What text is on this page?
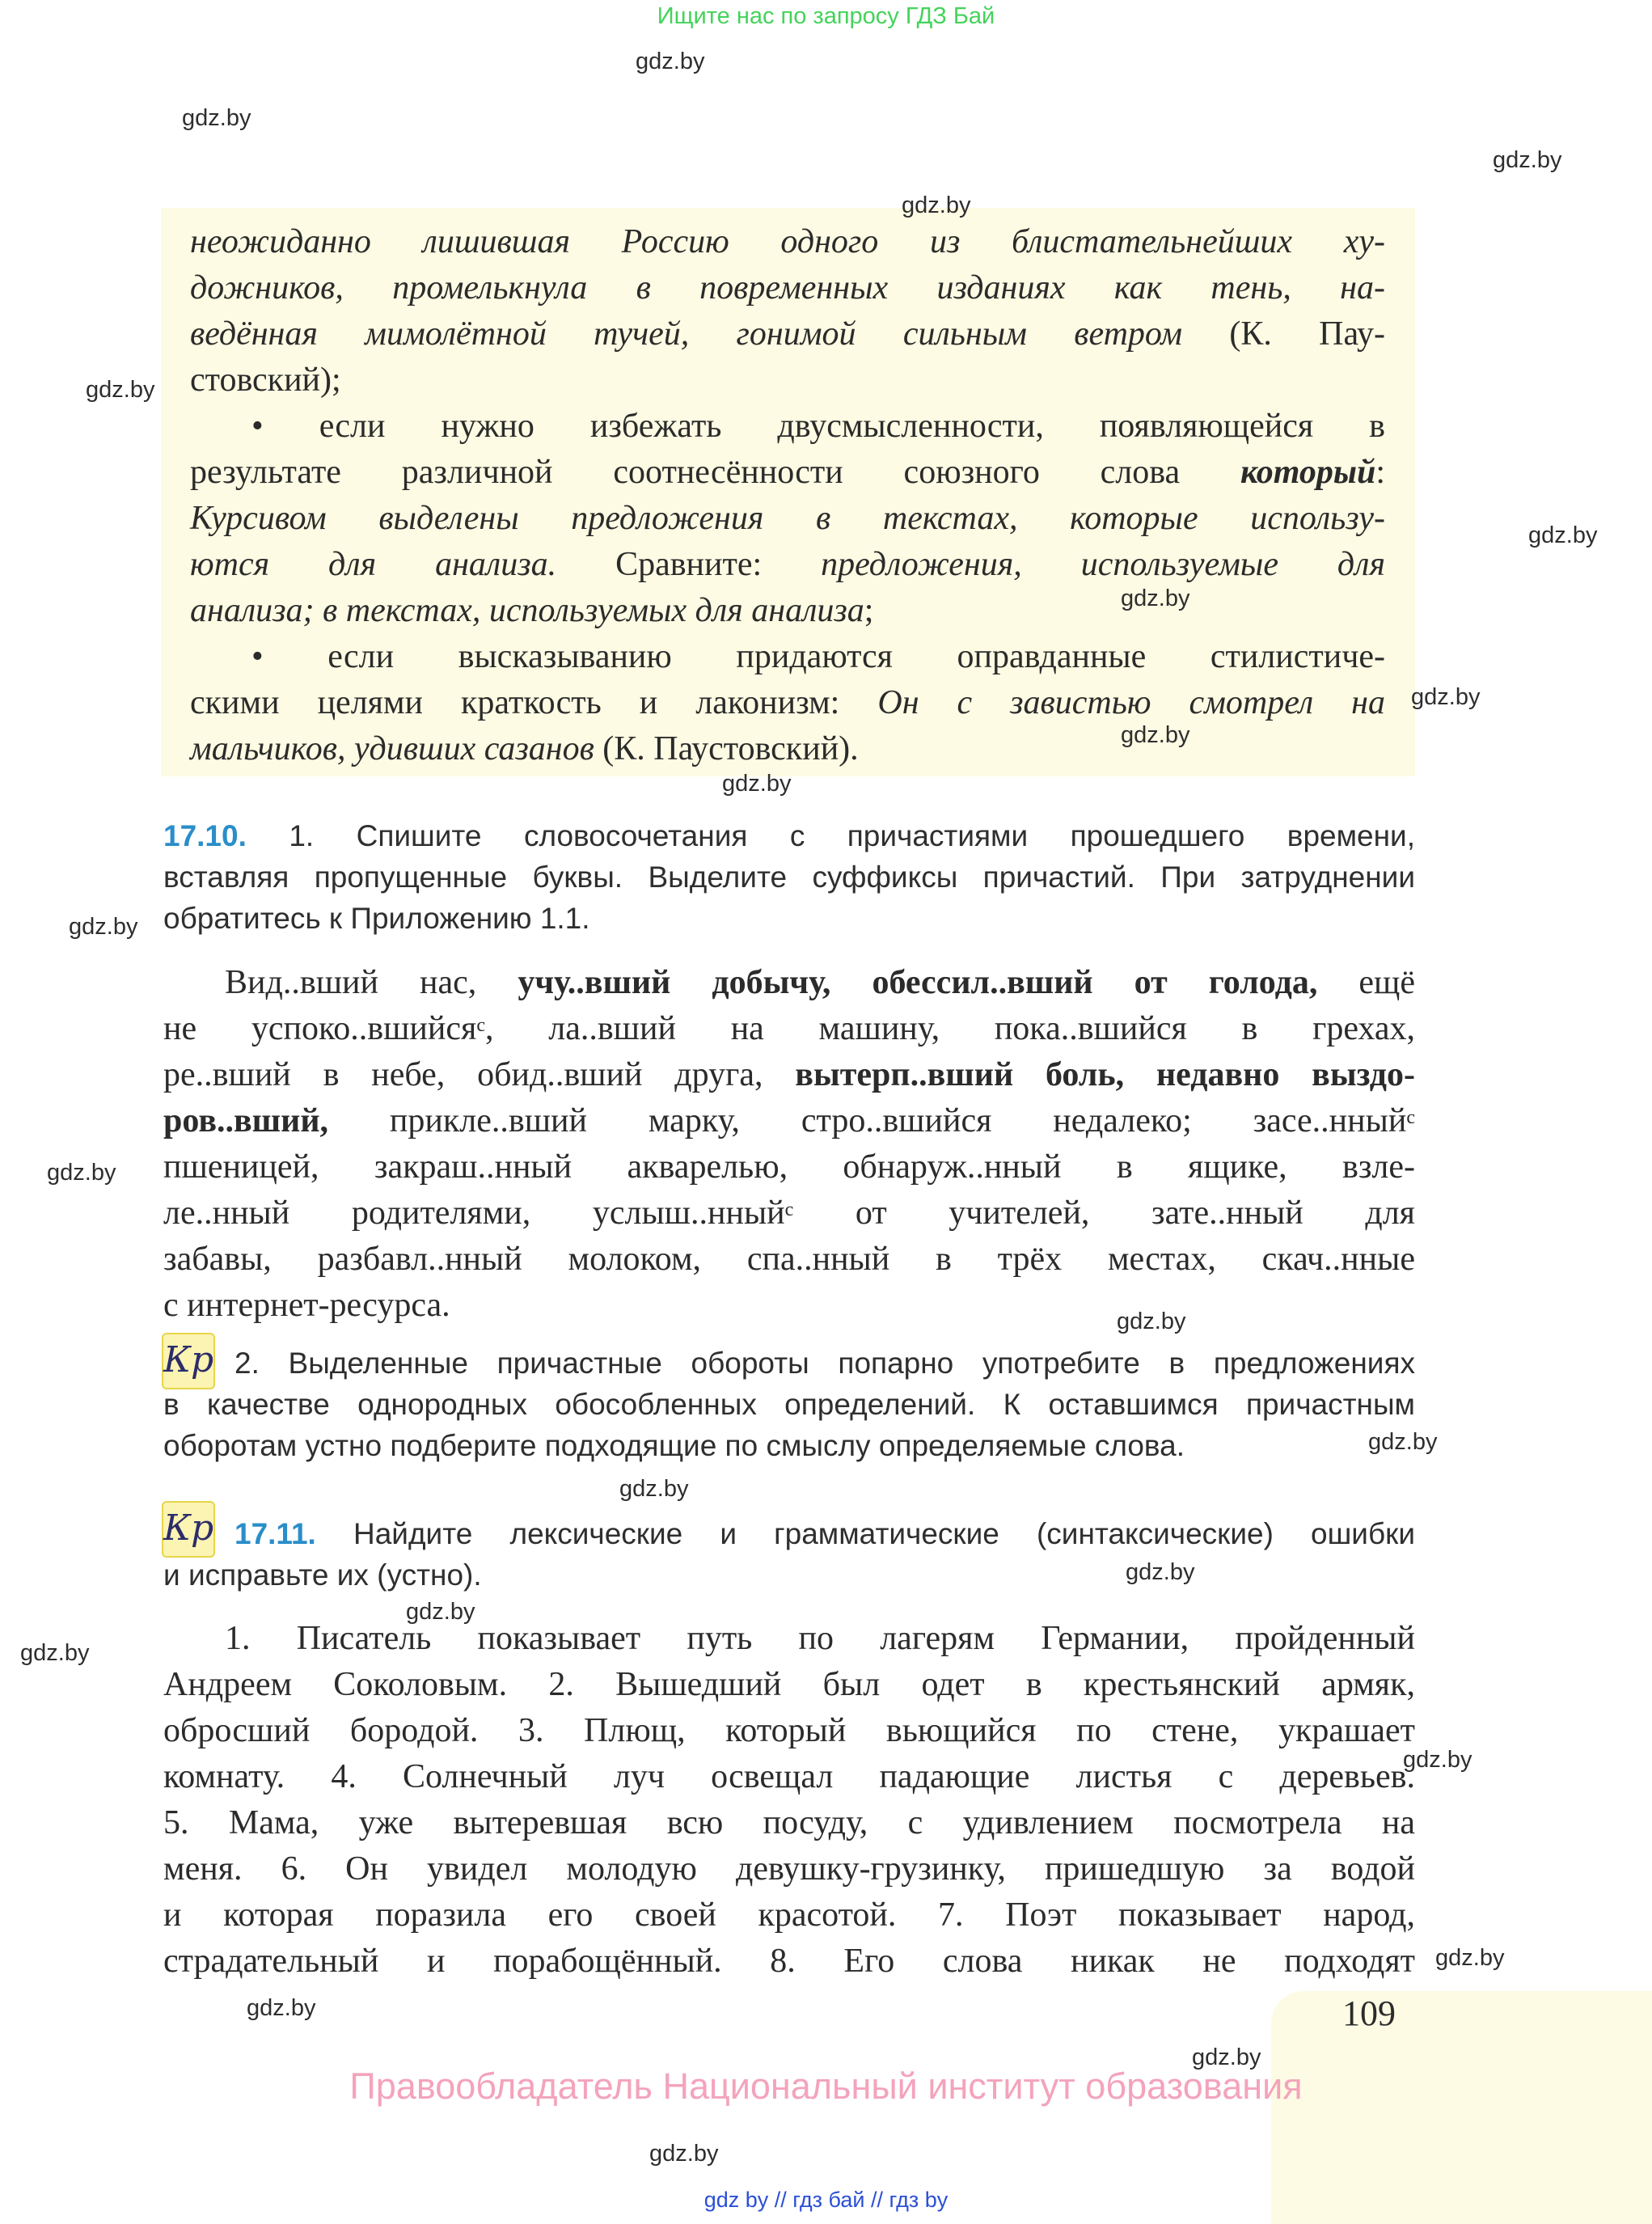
Ищите нас по запросу ГДЗ Бай
неожиданно лишившая Россию одного из блистательнейших ху-
дожников, промелькнула в повременных изданиях как тень, на-
ведённая мимолётной тучей, гонимой сильным ветром (К. Пау-
стовский);
• если нужно избежать двусмысленности, появляющейся в
результате различной соотнесённости союзного слова который:
Курсивом выделены предложения в текстах, которые использу-
ются для анализа. Сравните: предложения, используемые для
анализа; в текстах, используемых для анализа;
• если высказыванию придаются оправданные стилистиче-
скими целями краткость и лаконизм: Он с завистью смотрел на
мальчиков, удивших сазанов (К. Паустовский).
17.10. 1. Спишите словосочетания с причастиями прошедшего времени,
вставляя пропущенные буквы. Выделите суффиксы причастий. При затруднении
обратитесь к Приложению 1.1.
Вид..вший нас, учу..вший добычу, обессил..вший от голода, ещё
не успоко..вшийся$^с$, ла..вший на машину, пока..вшийся в грехах,
ре..вший в небе, обид..вший друга, вытерп..вший боль, недавно выздо-
ров..вший, прикле..вший марку, стро..вшийся недалеко; засе..нный$^с$
пшеницей, закраш..нный акварелью, обнаруж..нный в ящике, взле-
ле..нный родителями, услыш..нный$^с$ от учителей, зате..нный для
забавы, разбавл..нный молоком, спа..нный в трёх местах, скач..нные
с интернет-ресурса.
Кр 2. Выделенные причастные обороты попарно употребите в предложениях
в качестве однородных обособленных определений. К оставшимся причастным
оборотам устно подберите подходящие по смыслу определяемые слова.
Кр 17.11. Найдите лексические и грамматические (синтаксические) ошибки
и исправьте их (устно).
1. Писатель показывает путь по лагерям Германии, пройденный
Андреем Соколовым. 2. Вышедший был одет в крестьянский армяк,
обросший бородой. 3. Плющ, который вьющийся по стене, украшает
комнату. 4. Солнечный луч освещал падающие листья с деревьев.
5. Мама, уже вытеревшая всю посуду, с удивлением посмотрела на
меня. 6. Он увидел молодую девушку-грузинку, пришедшую за водой
и которая поразила его своей красотой. 7. Поэт показывает народ,
страдательный и порабощённый. 8. Его слова никак не подходят
109
Правообладатель Национальный институт образования
gdz by // гдз бай // гдз by
gdz.by
gdz.by
gdz.by
gdz.by
gdz.by
gdz.by
gdz.by
gdz.by
gdz.by
gdz.by
gdz.by
gdz.by
gdz.by
gdz.by
gdz.by
gdz.by
gdz.by
gdz.by
gdz.by
gdz.by
gdz.by
gdz.by
gdz.by
